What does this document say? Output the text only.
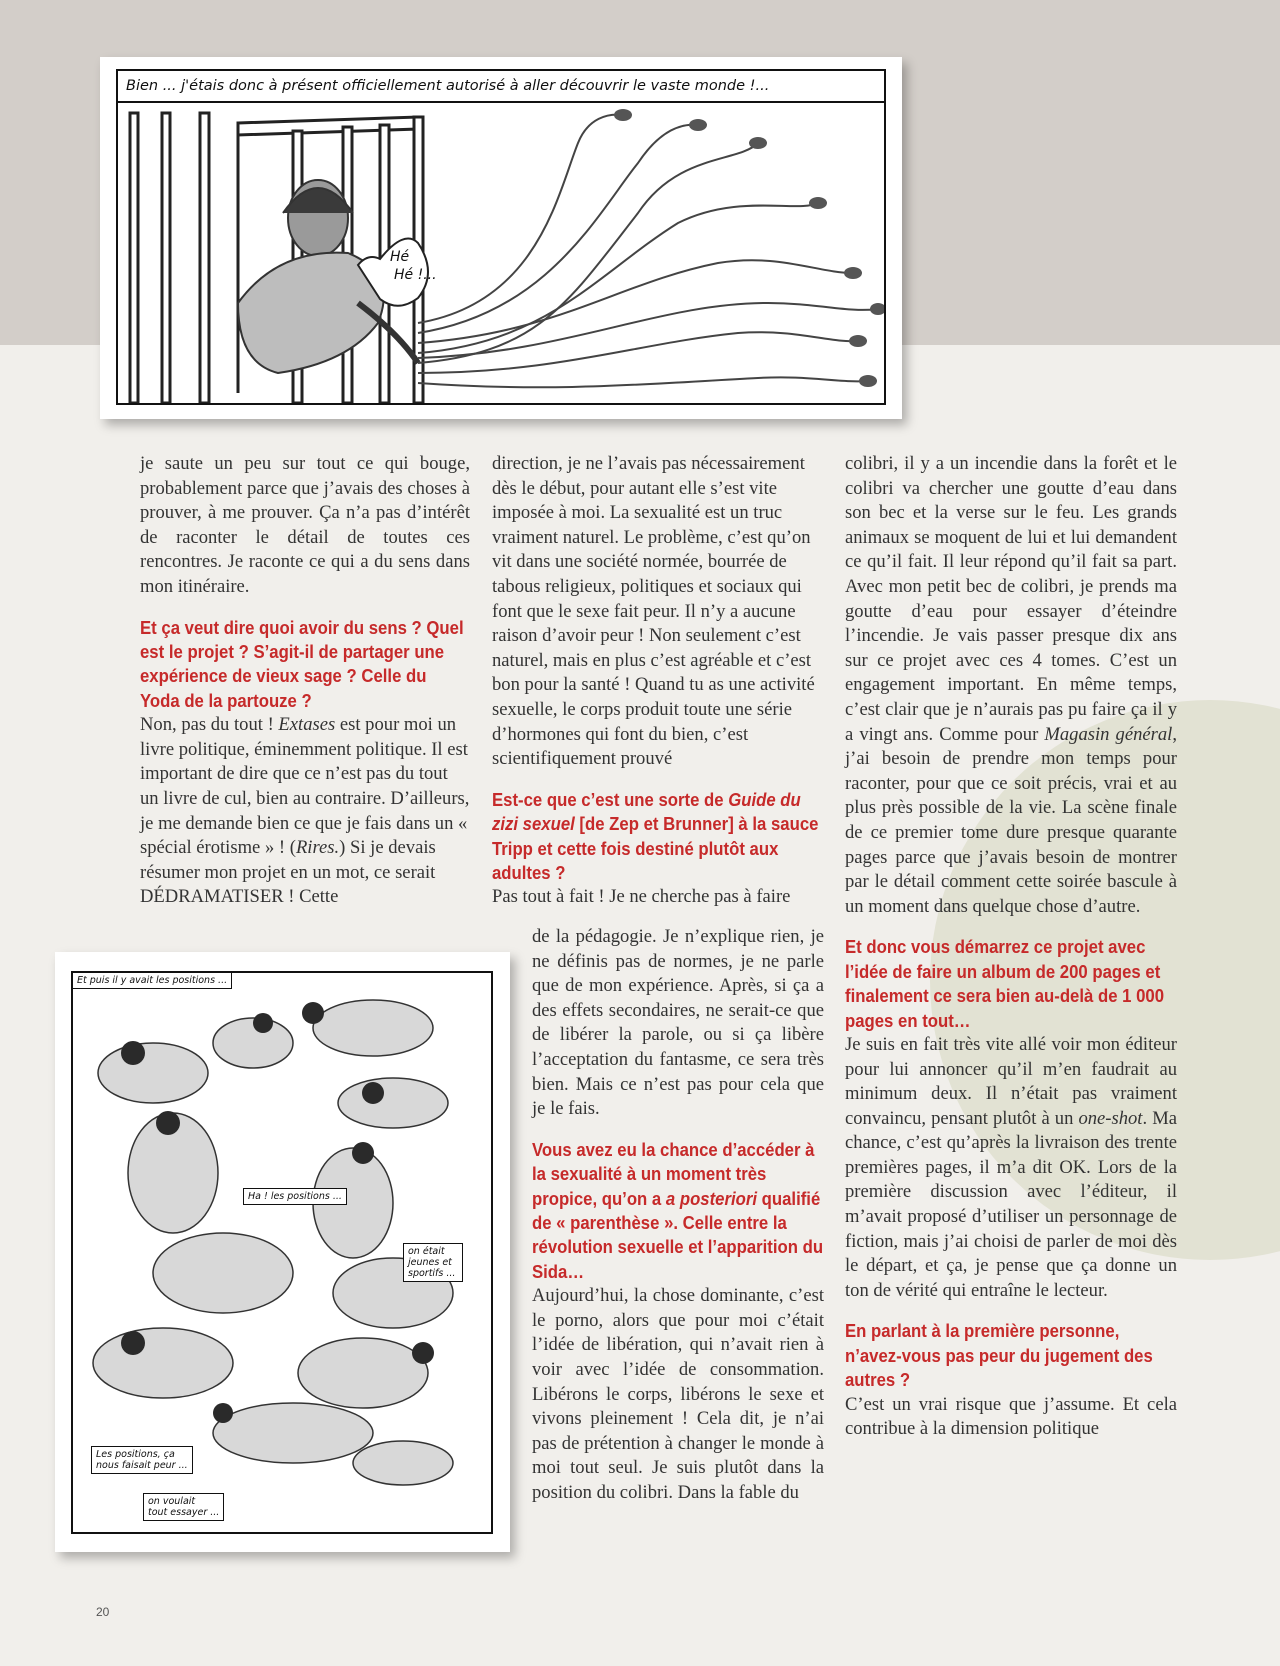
Bien ... j'étais donc à présent officiellement autorisé à aller découvrir le vaste monde !...
Hé
Hé !...
Et puis il y avait les positions ...
Ha ! les positions ...
on était
jeunes et
sportifs ...
Les positions, ça
nous faisait peur ...
on voulait
tout essayer ...

je saute un peu sur tout ce qui bouge, probablement parce que j’avais des choses à prouver, à me prouver. Ça n’a pas d’intérêt de raconter le détail de toutes ces rencontres. Je raconte ce qui a du sens dans mon itinéraire.

Et ça veut dire quoi avoir du sens ? Quel est le projet ? S’agit-il de partager une expérience de vieux sage ? Celle du Yoda de la partouze ?

Non, pas du tout ! Extases est pour moi un livre politique, éminemment politique. Il est important de dire que ce n’est pas du tout un livre de cul, bien au contraire. D’ailleurs, je me demande bien ce que je fais dans un « spécial érotisme » ! (Rires.) Si je devais résumer mon projet en un mot, ce serait DÉDRAMATISER ! Cette

direction, je ne l’avais pas nécessairement dès le début, pour autant elle s’est vite imposée à moi. La sexualité est un truc vraiment naturel. Le problème, c’est qu’on vit dans une société normée, bourrée de tabous religieux, politiques et sociaux qui font que le sexe fait peur. Il n’y a aucune raison d’avoir peur ! Non seulement c’est naturel, mais en plus c’est agréable et c’est bon pour la santé ! Quand tu as une activité sexuelle, le corps produit toute une série d’hormones qui font du bien, c’est scientifiquement prouvé

Est-ce que c’est une sorte de Guide du zizi sexuel [de Zep et Brunner] à la sauce Tripp et cette fois destiné plutôt aux adultes ?

Pas tout à fait ! Je ne cherche pas à faire

de la pédagogie. Je n’explique rien, je ne définis pas de normes, je ne parle que de mon expérience. Après, si ça a des effets secondaires, ne serait-ce que de libérer la parole, ou si ça libère l’acceptation du fantasme, ce sera très bien. Mais ce n’est pas pour cela que je le fais.

Vous avez eu la chance d’accéder à la sexualité à un moment très propice, qu’on a a posteriori qualifié de « parenthèse ». Celle entre la révolution sexuelle et l’apparition du Sida…

Aujourd’hui, la chose dominante, c’est le porno, alors que pour moi c’était l’idée de libération, qui n’avait rien à voir avec l’idée de consommation. Libérons le corps, libérons le sexe et vivons pleinement ! Cela dit, je n’ai pas de prétention à changer le monde à moi tout seul. Je suis plutôt dans la position du colibri. Dans la fable du

colibri, il y a un incendie dans la forêt et le colibri va chercher une goutte d’eau dans son bec et la verse sur le feu. Les grands animaux se moquent de lui et lui demandent ce qu’il fait. Il leur répond qu’il fait sa part. Avec mon petit bec de colibri, je prends ma goutte d’eau pour essayer d’éteindre l’incendie. Je vais passer presque dix ans sur ce projet avec ces 4 tomes. C’est un engagement important. En même temps, c’est clair que je n’aurais pas pu faire ça il y a vingt ans. Comme pour Magasin général, j’ai besoin de prendre mon temps pour raconter, pour que ce soit précis, vrai et au plus près possible de la vie. La scène finale de ce premier tome dure presque quarante pages parce que j’avais besoin de montrer par le détail comment cette soirée bascule à un moment dans quelque chose d’autre.

Et donc vous démarrez ce projet avec l’idée de faire un album de 200 pages et finalement ce sera bien au-delà de 1 000 pages en tout…

Je suis en fait très vite allé voir mon éditeur pour lui annoncer qu’il m’en faudrait au minimum deux. Il n’était pas vraiment convaincu, pensant plutôt à un one-shot. Ma chance, c’est qu’après la livraison des trente premières pages, il m’a dit OK. Lors de la première discussion avec l’éditeur, il m’avait proposé d’utiliser un personnage de fiction, mais j’ai choisi de parler de moi dès le départ, et ça, je pense que ça donne un ton de vérité qui entraîne le lecteur.

En parlant à la première personne, n’avez-vous pas peur du jugement des autres ?

C’est un vrai risque que j’assume. Et cela contribue à la dimension politique

20
